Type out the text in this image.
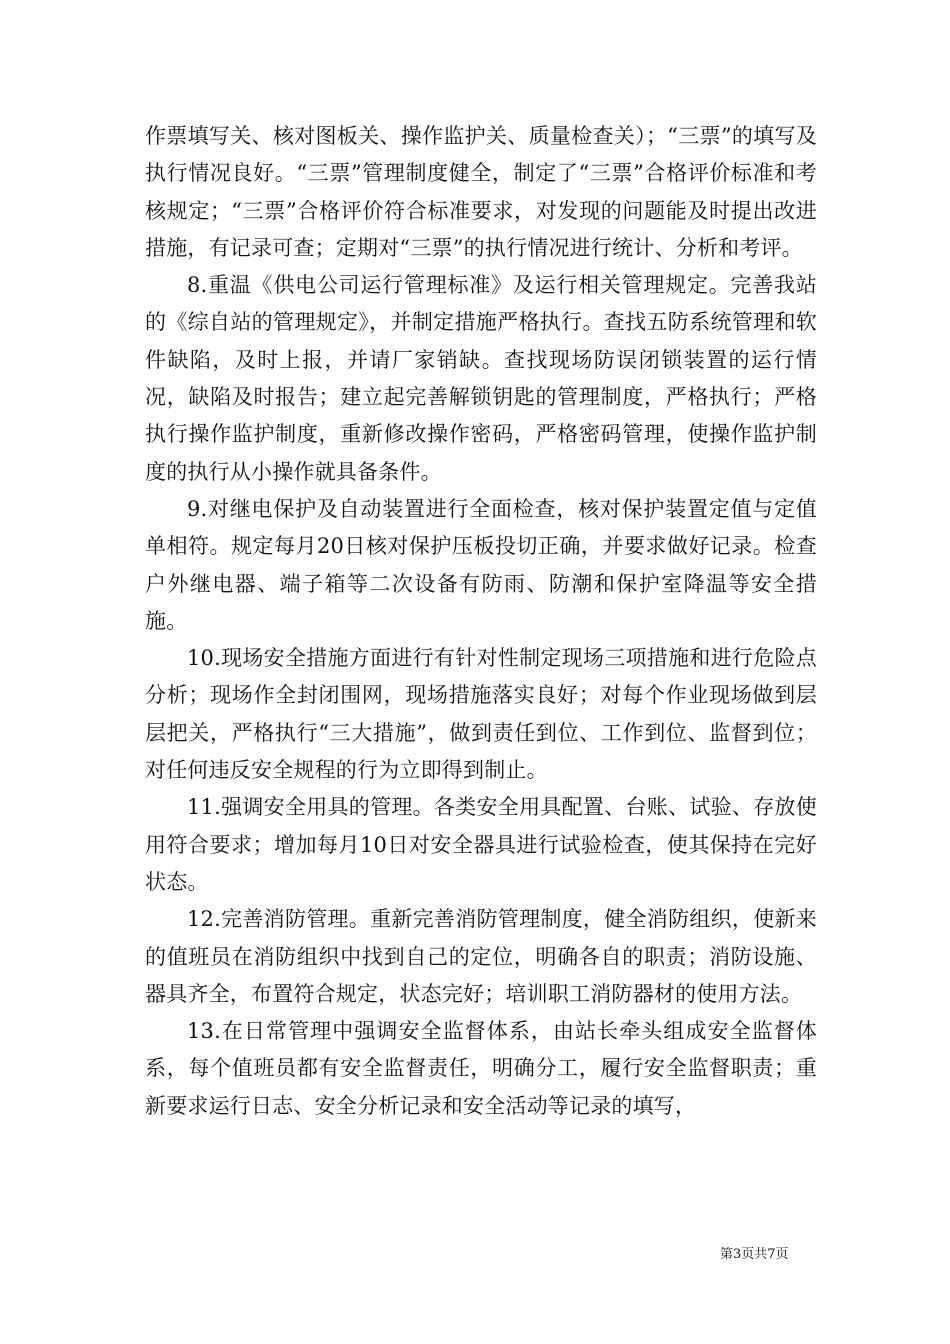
作票填写关、核对图板关、操作监护关、质量检查关）；“三票”的填写及执行情况良好。“三票”管理制度健全，制定了“三票”合格评价标准和考核规定；“三票”合格评价符合标准要求，对发现的问题能及时提出改进措施，有记录可查；定期对“三票”的执行情况进行统计、分析和考评。

8.重温《供电公司运行管理标准》及运行相关管理规定。完善我站的《综自站的管理规定》，并制定措施严格执行。查找五防系统管理和软件缺陷，及时上报，并请厂家销缺。查找现场防误闭锁装置的运行情况，缺陷及时报告；建立起完善解锁钥匙的管理制度，严格执行；严格执行操作监护制度，重新修改操作密码，严格密码管理，使操作监护制度的执行从小操作就具备条件。

9.对继电保护及自动装置进行全面检查，核对保护装置定值与定值单相符。规定每月20日核对保护压板投切正确，并要求做好记录。检查户外继电器、端子箱等二次设备有防雨、防潮和保护室降温等安全措施。

10.现场安全措施方面进行有针对性制定现场三项措施和进行危险点分析；现场作全封闭围网，现场措施落实良好；对每个作业现场做到层层把关，严格执行“三大措施”，做到责任到位、工作到位、监督到位；对任何违反安全规程的行为立即得到制止。

11.强调安全用具的管理。各类安全用具配置、台账、试验、存放使用符合要求；增加每月10日对安全器具进行试验检查，使其保持在完好状态。

12.完善消防管理。重新完善消防管理制度，健全消防组织，使新来的值班员在消防组织中找到自己的定位，明确各自的职责；消防设施、器具齐全，布置符合规定，状态完好；培训职工消防器材的使用方法。

13.在日常管理中强调安全监督体系，由站长牵头组成安全监督体系，每个值班员都有安全监督责任，明确分工，履行安全监督职责；重新要求运行日志、安全分析记录和安全活动等记录的填写，

第3页共7页
